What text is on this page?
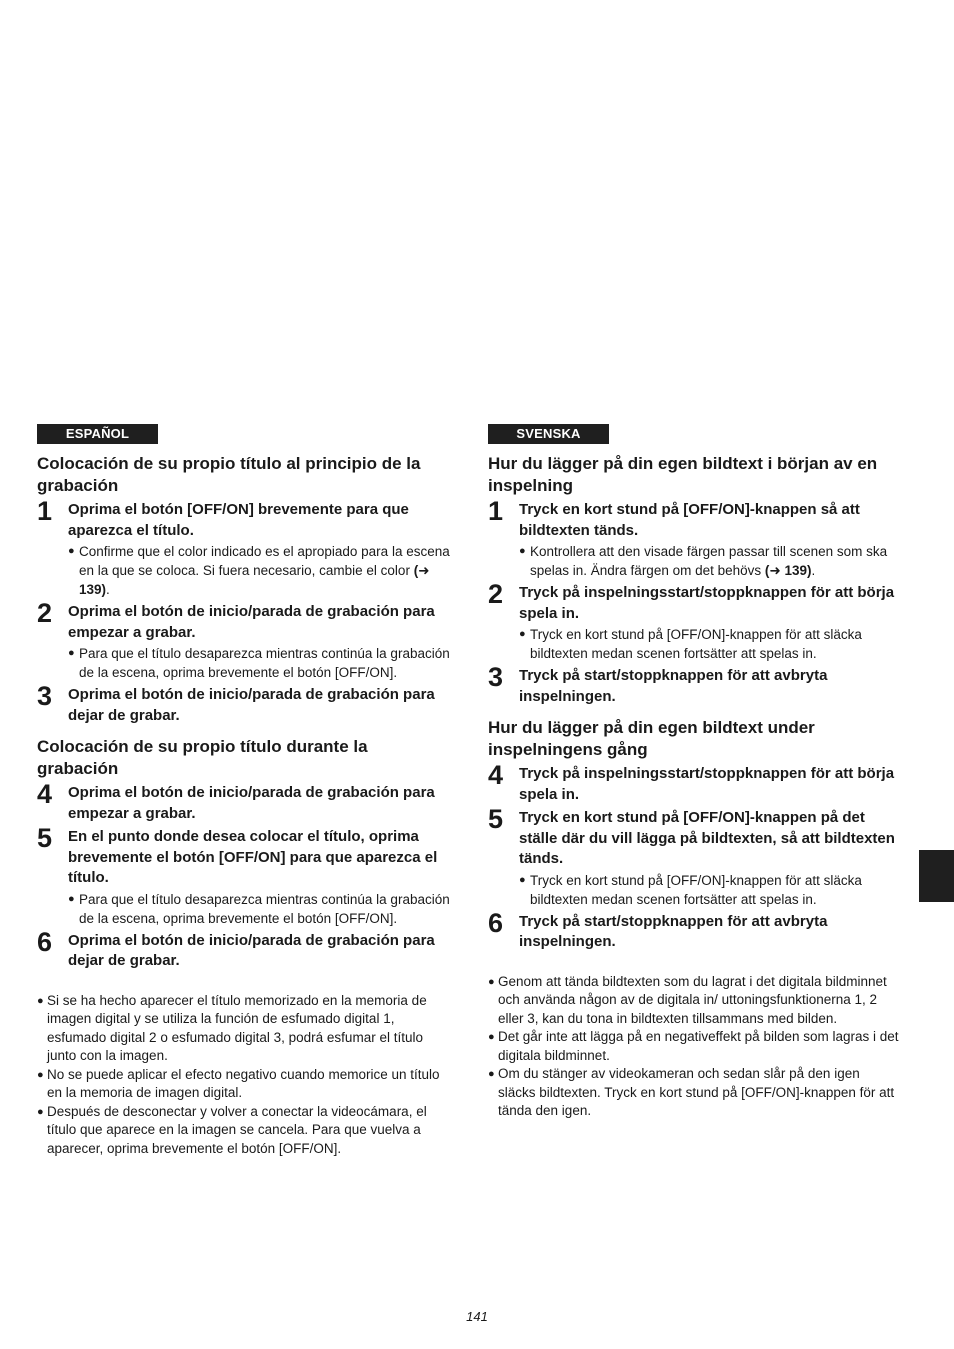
ESPAÑOL
Colocación de su propio título al principio de la grabación
1 Oprima el botón [OFF/ON] brevemente para que aparezca el título.
● Confirme que el color indicado es el apropiado para la escena en la que se coloca. Si fuera necesario, cambie el color (➜ 139).
2 Oprima el botón de inicio/parada de grabación para empezar a grabar.
● Para que el título desaparezca mientras continúa la grabación de la escena, oprima brevemente el botón [OFF/ON].
3 Oprima el botón de inicio/parada de grabación para dejar de grabar.
Colocación de su propio título durante la grabación
4 Oprima el botón de inicio/parada de grabación para empezar a grabar.
5 En el punto donde desea colocar el título, oprima brevemente el botón [OFF/ON] para que aparezca el título.
● Para que el título desaparezca mientras continúa la grabación de la escena, oprima brevemente el botón [OFF/ON].
6 Oprima el botón de inicio/parada de grabación para dejar de grabar.
● Si se ha hecho aparecer el título memorizado en la memoria de imagen digital y se utiliza la función de esfumado digital 1, esfumado digital 2 o esfumado digital 3, podrá esfumar el título junto con la imagen.
● No se puede aplicar el efecto negativo cuando memorice un título en la memoria de imagen digital.
● Después de desconectar y volver a conectar la videocámara, el título que aparece en la imagen se cancela. Para que vuelva a aparecer, oprima brevemente el botón [OFF/ON].
SVENSKA
Hur du lägger på din egen bildtext i början av en inspelning
1 Tryck en kort stund på [OFF/ON]-knappen så att bildtexten tänds.
● Kontrollera att den visade färgen passar till scenen som ska spelas in. Ändra färgen om det behövs (➜ 139).
2 Tryck på inspelningsstart/stoppknappen för att börja spela in.
● Tryck en kort stund på [OFF/ON]-knappen för att släcka bildtexten medan scenen fortsätter att spelas in.
3 Tryck på start/stoppknappen för att avbryta inspelningen.
Hur du lägger på din egen bildtext under inspelningens gång
4 Tryck på inspelningsstart/stoppknappen för att börja spela in.
5 Tryck en kort stund på [OFF/ON]-knappen på det ställe där du vill lägga på bildtexten, så att bildtexten tänds.
● Tryck en kort stund på [OFF/ON]-knappen för att släcka bildtexten medan scenen fortsätter att spelas in.
6 Tryck på start/stoppknappen för att avbryta inspelningen.
● Genom att tända bildtexten som du lagrat i det digitala bildminnet och använda någon av de digitala in/ uttoningsfunktionerna 1, 2 eller 3, kan du tona in bildtexten tillsammans med bilden.
● Det går inte att lägga på en negativeffekt på bilden som lagras i det digitala bildminnet.
● Om du stänger av videokameran och sedan slår på den igen släcks bildtexten. Tryck en kort stund på [OFF/ON]-knappen för att tända den igen.
141
